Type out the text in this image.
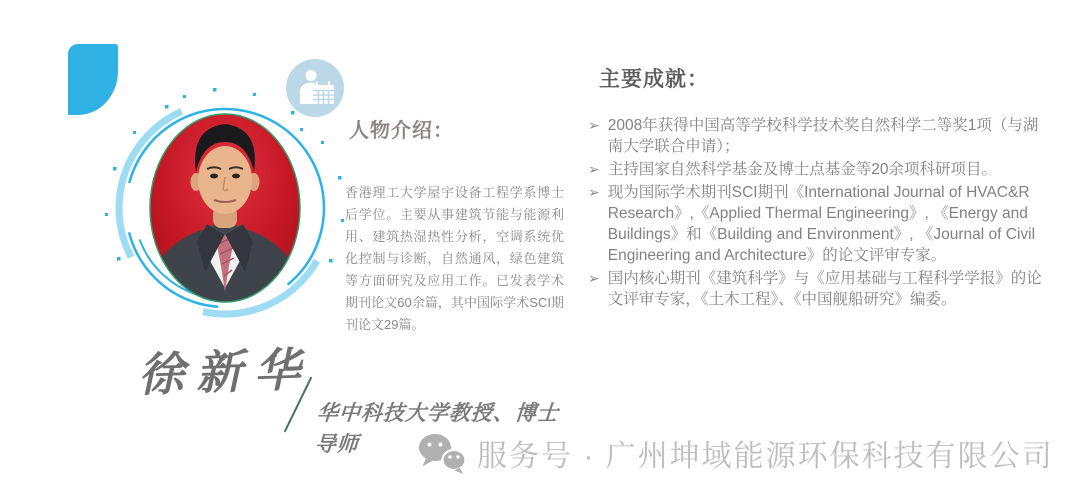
人物介绍：
香港理工大学屋宇设备工程学系博士后学位。主要从事建筑节能与能源利用、建筑热湿热性分析，空调系统优化控制与诊断，自然通风，绿色建筑等方面研究及应用工作。已发表学术期刊论文60余篇，其中国际学术SCI期刊论文29篇。
主要成就：
➢ 2008年获得中国高等学校科学技术奖自然科学二等奖1项（与湖南大学联合申请）；
➢ 主持国家自然科学基金及博士点基金等20余项科研项目。
➢ 现为国际学术期刊SCI期刊《International Journal of HVAC&R Research》,《Applied Thermal Engineering》, 《Energy and Buildings》和《Building and Environment》, 《Journal of Civil Engineering and Architecture》的论文评审专家。
➢ 国内核心期刊《建筑科学》与《应用基础与工程科学学报》的论文评审专家，《土木工程》、《中国舰船研究》编委。
徐新华
华中科技大学教授、博士导师	服务号 · 广州坤域能源环保科技有限公司
